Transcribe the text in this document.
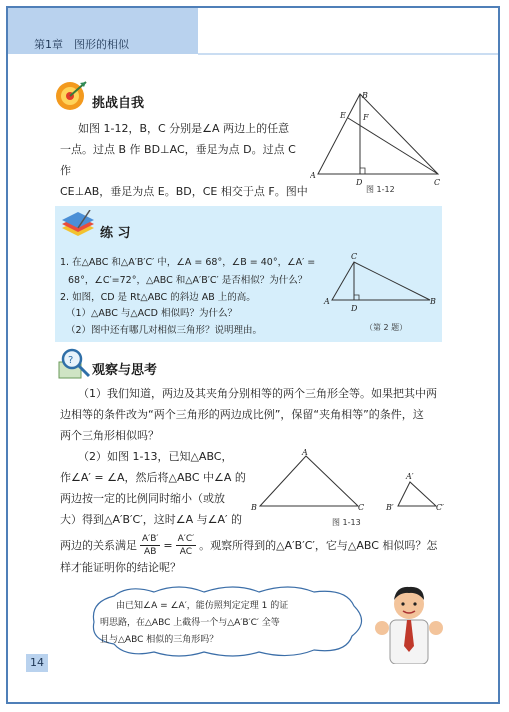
第1章　图形的相似
挑战自我
如图 1-12，B，C 分别是∠A 两边上的任意
一点。过点 B 作 BD⊥AC，垂足为点 D。过点 C 作
CE⊥AB，垂足为点 E。BD，CE 相交于点 F。图中
A
B
C
D
E F
图 1-12
练 习
1. 在△ABC 和△A′B′C′ 中，∠A = 68°，∠B = 40°，∠A′ =
68°，∠C′=72°，△ABC 和△A′B′C′ 是否相似？为什么？
2. 如图，CD 是 Rt△ABC 的斜边 AB 上的高。
（1）△ABC 与△ACD 相似吗？为什么？
（2）图中还有哪几对相似三角形？说明理由。
A	B
C
D
（第 2 题）
?
观察与思考
（1）我们知道，两边及其夹角分别相等的两个三角形全等。如果把其中两
边相等的条件改为“两个三角形的两边成比例”，保留“夹角相等”的条件，这
两个三角形相似吗？
（2）如图 1-13，已知△ABC，
作∠A′ = ∠A，然后将△ABC 中∠A 的
两边按一定的比例同时缩小（或放
大）得到△A′B′C′，这时∠A 与∠A′ 的
两边的关系满足 $\frac{A'B'}{AB} = \frac{A'C'}{AC}$ 。观察所得到的△A′B′C′，它与△ABC 相似吗？怎
样才能证明你的结论呢？
A
B	C
A′
B′	C′
图 1-13
由已知∠A = ∠A′，能仿照判定定理 1 的证
明思路，在△ABC 上截得一个与△A′B′C′ 全等
且与△ABC 相似的三角形吗？
14
